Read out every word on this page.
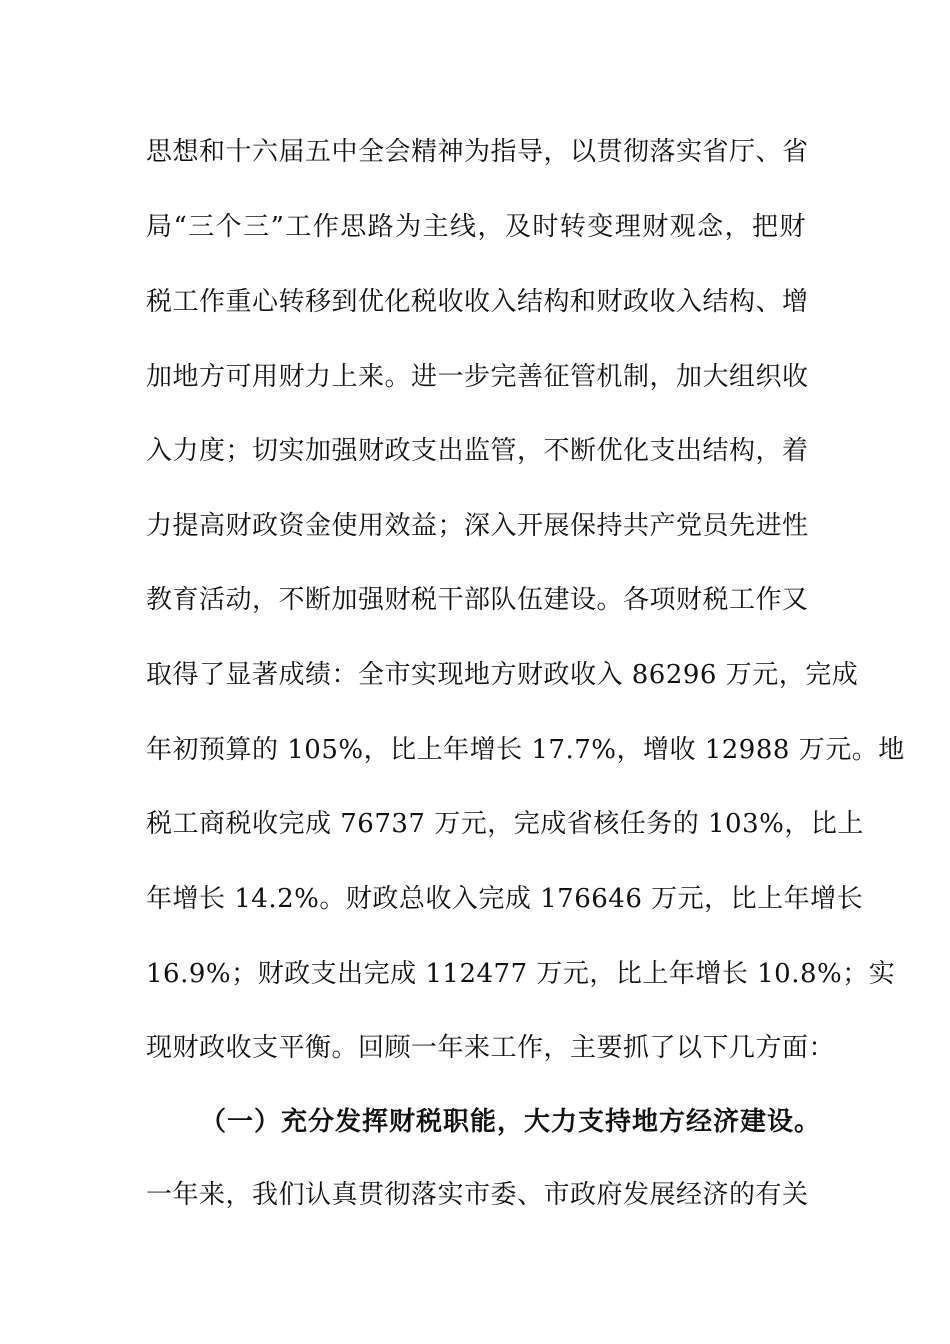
思想和十六届五中全会精神为指导，以贯彻落实省厅、省
局“三个三”工作思路为主线，及时转变理财观念，把财
税工作重心转移到优化税收收入结构和财政收入结构、增
加地方可用财力上来。进一步完善征管机制，加大组织收
入力度；切实加强财政支出监管，不断优化支出结构，着
力提高财政资金使用效益；深入开展保持共产党员先进性
教育活动，不断加强财税干部队伍建设。各项财税工作又
取得了显著成绩：全市实现地方财政收入 86296 万元，完成
年初预算的 105%，比上年增长 17.7%，增收 12988 万元。地
税工商税收完成 76737 万元，完成省核任务的 103%，比上
年增长 14.2%。财政总收入完成 176646 万元，比上年增长
16.9%；财政支出完成 112477 万元，比上年增长 10.8%；实
现财政收支平衡。回顾一年来工作，主要抓了以下几方面：
（一）充分发挥财税职能，大力支持地方经济建设。
一年来，我们认真贯彻落实市委、市政府发展经济的有关
